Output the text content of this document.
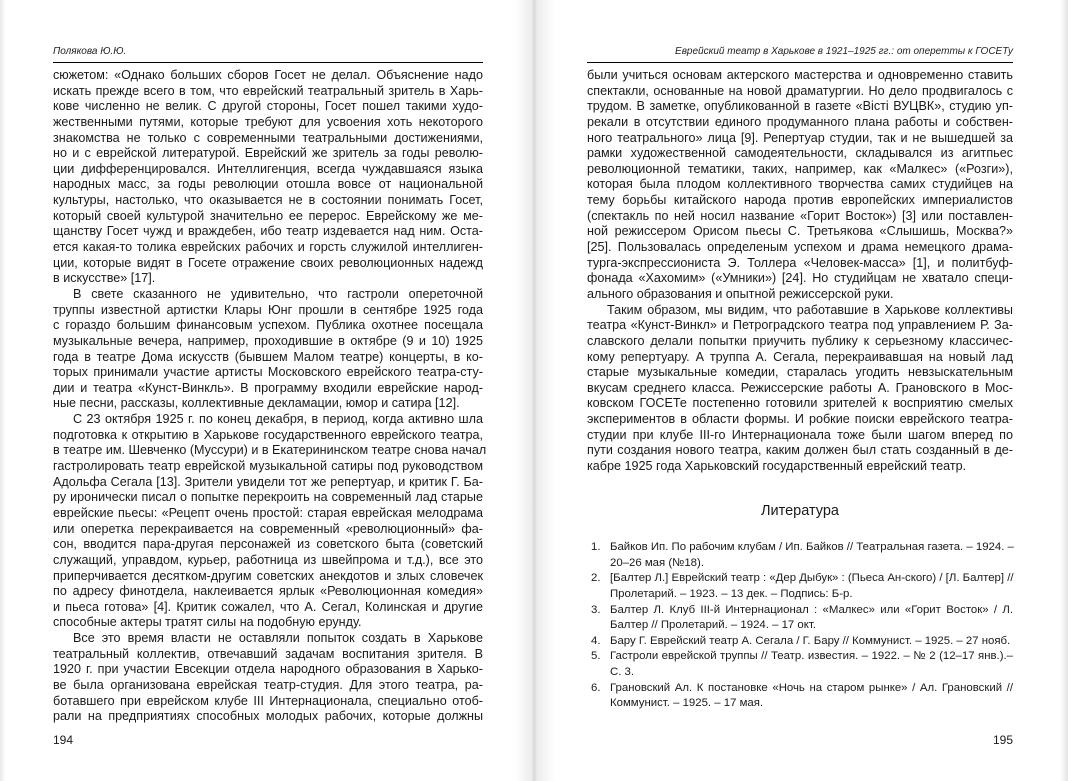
Полякова Ю.Ю.
сюжетом: «Однако больших сборов Госет не делал. Объяснение надо
искать прежде всего в том, что еврейский театральный зритель в Харь-
кове численно не велик. С другой стороны, Госет пошел такими худо-
жественными путями, которые требуют для усвоения хоть некоторого
знакомства не только с современными театральными достижениями,
но и с еврейской литературой. Еврейский же зритель за годы револю-
ции дифференцировался. Интеллигенция, всегда чуждавшаяся языка
народных масс, за годы революции отошла вовсе от национальной
культуры, настолько, что оказывается не в состоянии понимать Госет,
который своей культурой значительно ее перерос. Еврейскому же ме-
щанству Госет чужд и враждебен, ибо театр издевается над ним. Оста-
ется какая-то толика еврейских рабочих и горсть служилой интеллиген-
ции, которые видят в Госете отражение своих революционных надежд
в искусстве» [17].
В свете сказанного не удивительно, что гастроли опереточной
труппы известной артистки Клары Юнг прошли в сентябре 1925 года
с гораздо большим финансовым успехом. Публика охотнее посещала
музыкальные вечера, например, проходившие в октябре (9 и 10) 1925
года в театре Дома искусств (бывшем Малом театре) концерты, в ко-
торых принимали участие артисты Московского еврейского театра-сту-
дии и театра «Кунст-Винкль». В программу входили еврейские народ-
ные песни, рассказы, коллективные декламации, юмор и сатира [12].
С 23 октября 1925 г. по конец декабря, в период, когда активно шла
подготовка к открытию в Харькове государственного еврейского театра,
в театре им. Шевченко (Муссури) и в Екатерининском театре снова начал
гастролировать театр еврейской музыкальной сатиры под руководством
Адольфа Сегала [13]. Зрители увидели тот же репертуар, и критик Г. Ба-
ру иронически писал о попытке перекроить на современный лад старые
еврейские пьесы: «Рецепт очень простой: старая еврейская мелодрама
или оперетка перекраивается на современный «революционный» фа-
сон, вводится пара-другая персонажей из советского быта (советский
служащий, управдом, курьер, работница из швейпрома и т.д.), все это
приперчивается десятком-другим советских анекдотов и злых словечек
по адресу финотдела, наклеивается ярлык «Революционная комедия»
и пьеса готова» [4]. Критик сожалел, что А. Сегал, Колинская и другие
способные актеры тратят силы на подобную ерунду.
Все это время власти не оставляли попыток создать в Харькове
театральный коллектив, отвечавший задачам воспитания зрителя. В
1920 г. при участии Евсекции отдела народного образования в Харько-
ве была организована еврейская театр-студия. Для этого театра, ра-
ботавшего при еврейском клубе III Интернационала, специально отоб-
рали на предприятиях способных молодых рабочих, которые должны
194
Еврейский театр в Харькове в 1921–1925 гг.: от оперетты к ГОСЕТу
были учиться основам актерского мастерства и одновременно ставить
спектакли, основанные на новой драматургии. Но дело продвигалось с
трудом. В заметке, опубликованной в газете «Вісті ВУЦВК», студию уп-
рекали в отсутствии единого продуманного плана работы и собствен-
ного театрального» лица [9]. Репертуар студии, так и не вышедшей за
рамки художественной самодеятельности, складывался из агитпьес
революционной тематики, таких, например, как «Малкес» («Розги»),
которая была плодом коллективного творчества самих студийцев на
тему борьбы китайского народа против европейских империалистов
(спектакль по ней носил название «Горит Восток») [3] или поставлен-
ной режиссером Орисом пьесы С. Третьякова «Слышишь, Москва?»
[25]. Пользовалась определеным успехом и драма немецкого драма-
турга-экспрессиониста Э. Толлера «Человек-масса» [1], и политбуф-
фонада «Хахомим» («Умники») [24]. Но студийцам не хватало специ-
ального образования и опытной режиссерской руки.
Таким образом, мы видим, что работавшие в Харькове коллективы
театра «Кунст-Винкл» и Петроградского театра под управлением Р. За-
славского делали попытки приучить публику к серьезному классичес-
кому репертуару. А труппа А. Сегала, перекраивавшая на новый лад
старые музыкальные комедии, старалась угодить невзыскательным
вкусам среднего класса. Режиссерские работы А. Грановского в Мос-
ковском ГОСЕТе постепенно готовили зрителей к восприятию смелых
экспериментов в области формы. И робкие поиски еврейского театра-
студии при клубе III-го Интернационала тоже были шагом вперед по
пути создания нового театра, каким должен был стать созданный в де-
кабре 1925 года Харьковский государственный еврейский театр.
Литература
1. Байков Ип. По рабочим клубам / Ип. Байков // Театральная газета. – 1924. –
20–26 мая (№18).
2. [Балтер Л.] Еврейский театр : «Дер Дыбук» : (Пьеса Ан-ского) / [Л. Балтер] //
Пролетарий. – 1923. – 13 дек. – Подпись: Б-р.
3. Балтер Л. Клуб III-й Интернационал : «Малкес» или «Горит Восток» / Л.
Балтер // Пролетарий. – 1924. – 17 окт.
4. Бару Г. Еврейский театр А. Сегала / Г. Бару // Коммунист. – 1925. – 27 нояб.
5. Гастроли еврейской труппы // Театр. известия. – 1922. – № 2 (12–17 янв.).–
С. 3.
6. Грановский Ал. К постановке «Ночь на старом рынке» / Ал. Грановский //
Коммунист. – 1925. – 17 мая.
195
